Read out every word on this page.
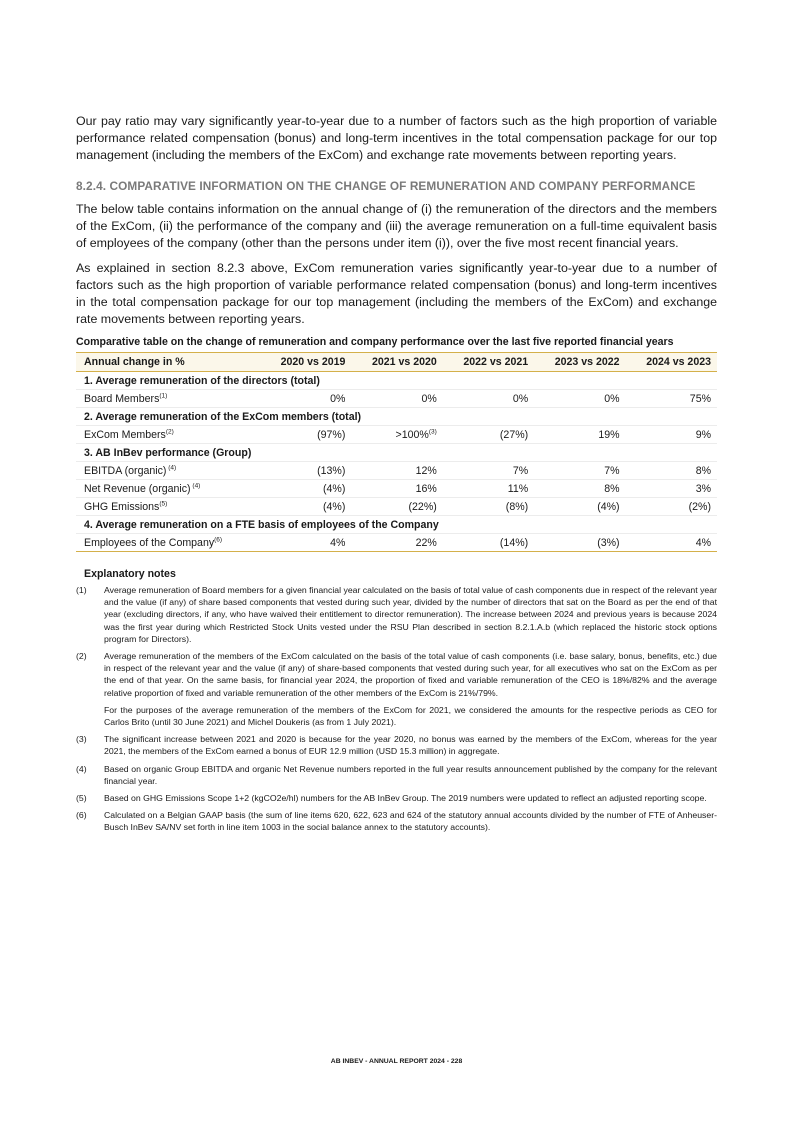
Our pay ratio may vary significantly year-to-year due to a number of factors such as the high proportion of variable performance related compensation (bonus) and long-term incentives in the total compensation package for our top management (including the members of the ExCom) and exchange rate movements between reporting years.

8.2.4. COMPARATIVE INFORMATION ON THE CHANGE OF REMUNERATION AND COMPANY PERFORMANCE

The below table contains information on the annual change of (i) the remuneration of the directors and the members of the ExCom, (ii) the performance of the company and (iii) the average remuneration on a full-time equivalent basis of employees of the company (other than the persons under item (i)), over the five most recent financial years.

As explained in section 8.2.3 above, ExCom remuneration varies significantly year-to-year due to a number of factors such as the high proportion of variable performance related compensation (bonus) and long-term incentives in the total compensation package for our top management (including the members of the ExCom) and exchange rate movements between reporting years.

Comparative table on the change of remuneration and company performance over the last five reported financial years
Annual change in %	2020 vs 2019	2021 vs 2020	2022 vs 2021	2023 vs 2022	2024 vs 2023
1. Average remuneration of the directors (total)					
Board Members$^{(1)}$	0%	0%	0%	0%	75%
2. Average remuneration of the ExCom members (total)					
ExCom Members$^{(2)}$	(97%)	>100%$^{(3)}$	(27%)	19%	9%
3. AB InBev performance (Group)					
EBITDA (organic) $^{(4)}$	(13%)	12%	7%	7%	8%
Net Revenue (organic) $^{(4)}$	(4%)	16%	11%	8%	3%
GHG Emissions$^{(5)}$	(4%)	(22%)	(8%)	(4%)	(2%)
4. Average remuneration on a FTE basis of employees of the Company					
Employees of the Company$^{(6)}$	4%	22%	(14%)	(3%)	4%
Explanatory notes
(1)	Average remuneration of Board members for a given financial year calculated on the basis of total value of cash components due in respect of the relevant year and the value (if any) of share based components that vested during such year, divided by the number of directors that sat on the Board as per the end of that year (excluding directors, if any, who have waived their entitlement to director remuneration). The increase between 2024 and previous years is because 2024 was the first year during which Restricted Stock Units vested under the RSU Plan described in section 8.2.1.A.b (which replaced the historic stock options program for Directors).

(2)	Average remuneration of the members of the ExCom calculated on the basis of the total value of cash components (i.e. base salary, bonus, benefits, etc.) due in respect of the relevant year and the value (if any) of share-based components that vested during such year, for all executives who sat on the ExCom as per the end of that year. On the same basis, for financial year 2024, the proportion of fixed and variable remuneration of the CEO is 18%/82% and the average relative proportion of fixed and variable remuneration of the other members of the ExCom is 21%/79%.

For the purposes of the average remuneration of the members of the ExCom for 2021, we considered the amounts for the respective periods as CEO for Carlos Brito (until 30 June 2021) and Michel Doukeris (as from 1 July 2021).

(3)	The significant increase between 2021 and 2020 is because for the year 2020, no bonus was earned by the members of the ExCom, whereas for the year 2021, the members of the ExCom earned a bonus of EUR 12.9 million (USD 15.3 million) in aggregate.

(4)	Based on organic Group EBITDA and organic Net Revenue numbers reported in the full year results announcement published by the company for the relevant financial year.

(5)	Based on GHG Emissions Scope 1+2 (kgCO2e/hl) numbers for the AB InBev Group. The 2019 numbers were updated to reflect an adjusted reporting scope.

(6)	Calculated on a Belgian GAAP basis (the sum of line items 620, 622, 623 and 624 of the statutory annual accounts divided by the number of FTE of Anheuser-Busch InBev SA/NV set forth in line item 1003 in the social balance annex to the statutory accounts).

AB INBEV - ANNUAL REPORT 2024 - 228
